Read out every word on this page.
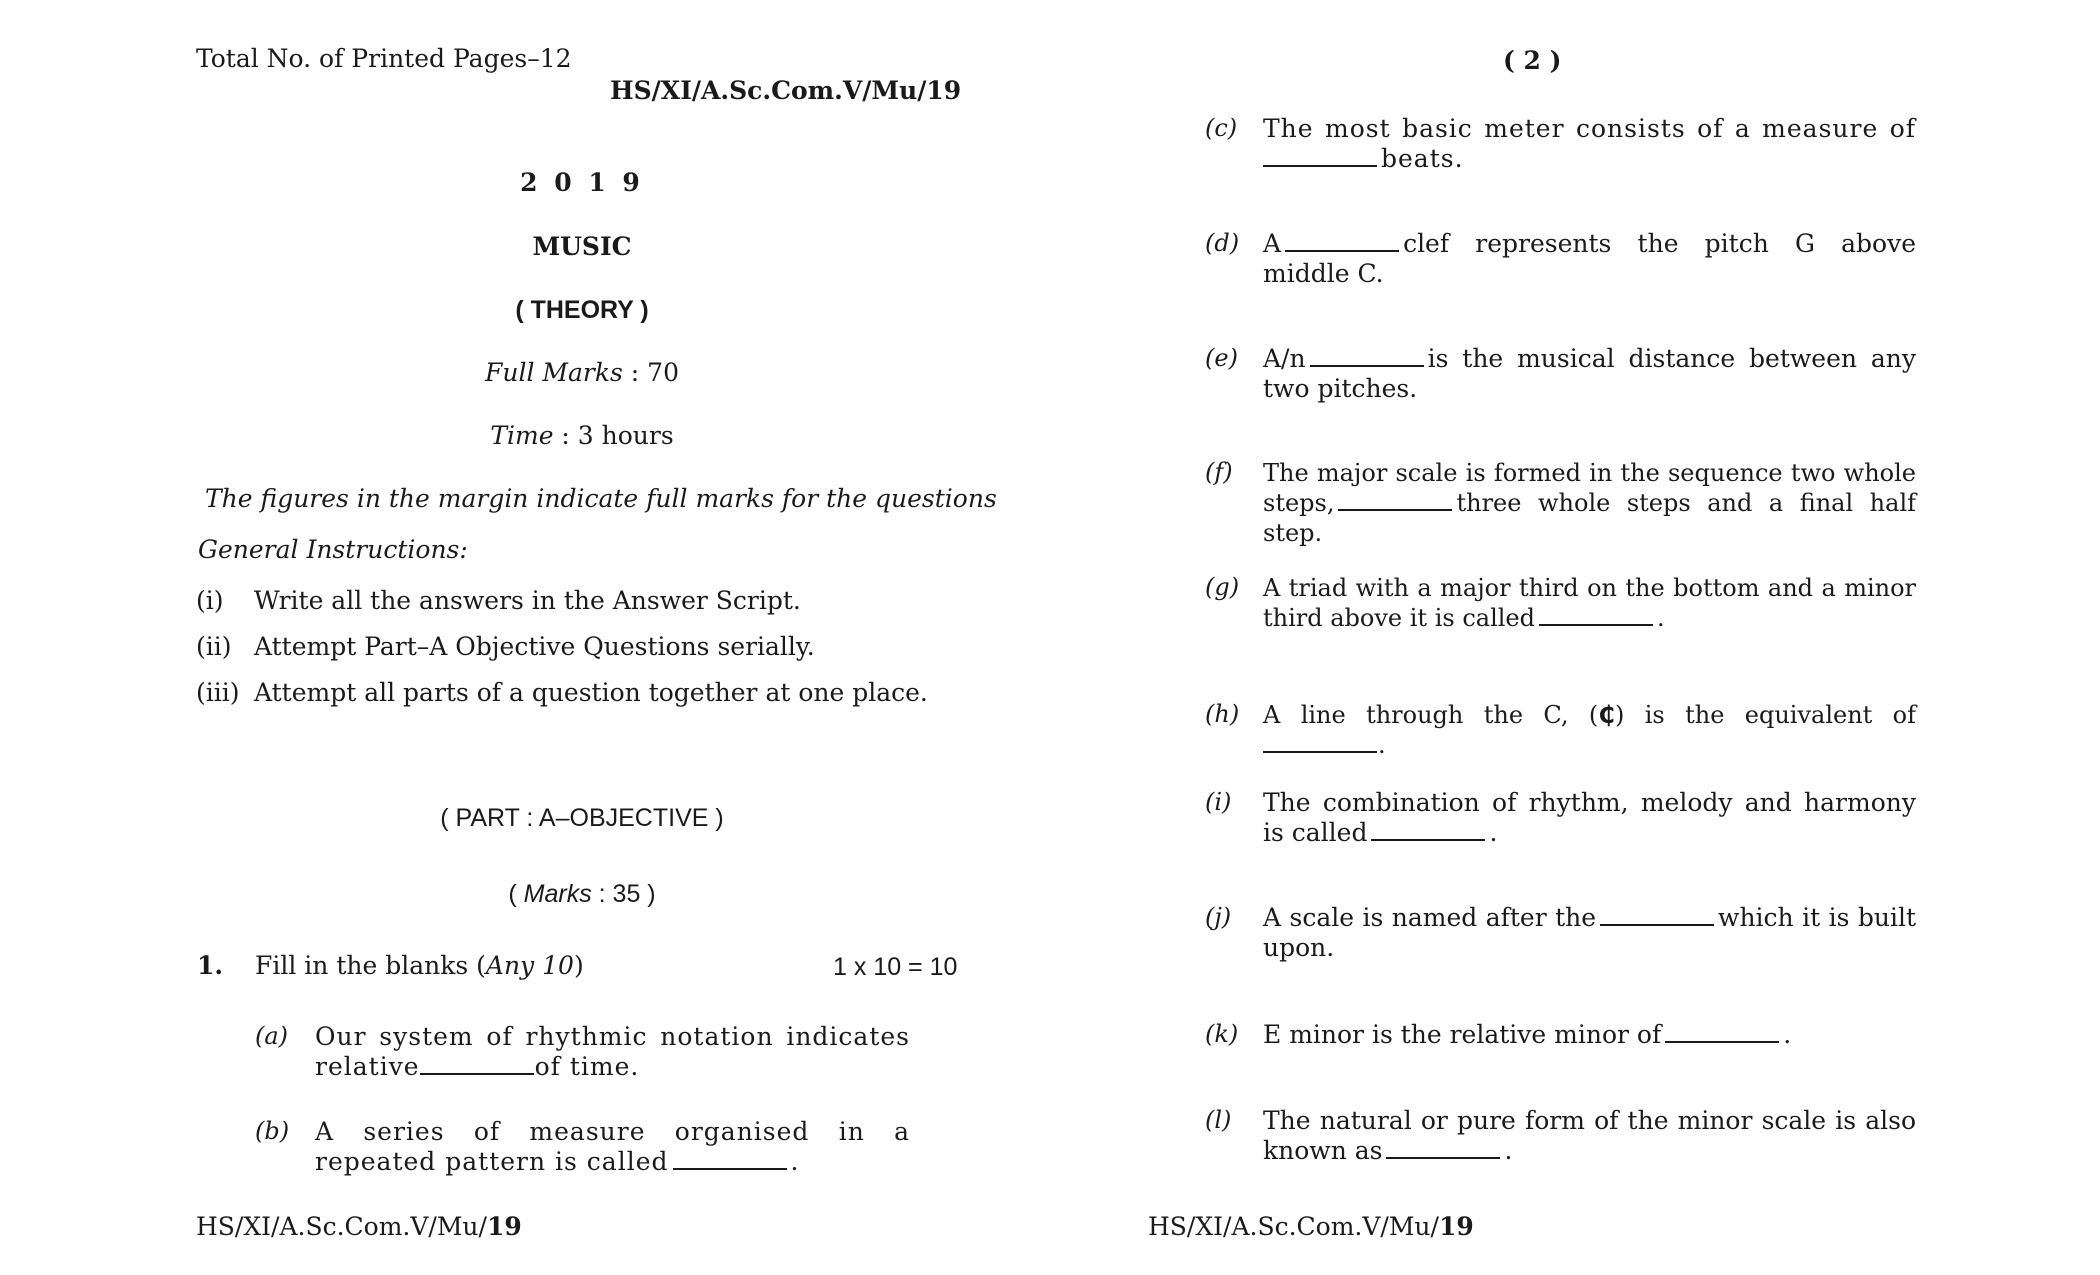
Total No. of Printed Pages–12
HS/XI/A.Sc.Com.V/Mu/19
2 0 1 9
MUSIC
( THEORY )
Full Marks : 70
Time : 3 hours
The figures in the margin indicate full marks for the questions
General Instructions:
(i) Write all the answers in the Answer Script.
(ii) Attempt Part–A Objective Questions serially.
(iii) Attempt all parts of a question together at one place.
( PART : A–OBJECTIVE )
( Marks : 35 )
1. Fill in the blanks (Any 10)	1 x 10 = 10
(a) Our system of rhythmic notation indicates relative	of time.
(b) A series of measure organised in a repeated pattern is called	.
HS/XI/A.Sc.Com.V/Mu/19
( 2 )
(c) The most basic meter consists of a measure of beats.
(d) A	clef represents the pitch G above middle C.
(e) A/n	is the musical distance between any two pitches.
(f) The major scale is formed in the sequence two whole steps,	three whole steps and a final half step.
(g) A triad with a major third on the bottom and a minor third above it is called	.
(h) A line through the C, (₵) is the equivalent of.
(i) The combination of rhythm, melody and harmony is called	.
(j) A scale is named after the	which it is built upon.
(k) E minor is the relative minor of	.
(l) The natural or pure form of the minor scale is also known as	.
HS/XI/A.Sc.Com.V/Mu/19
